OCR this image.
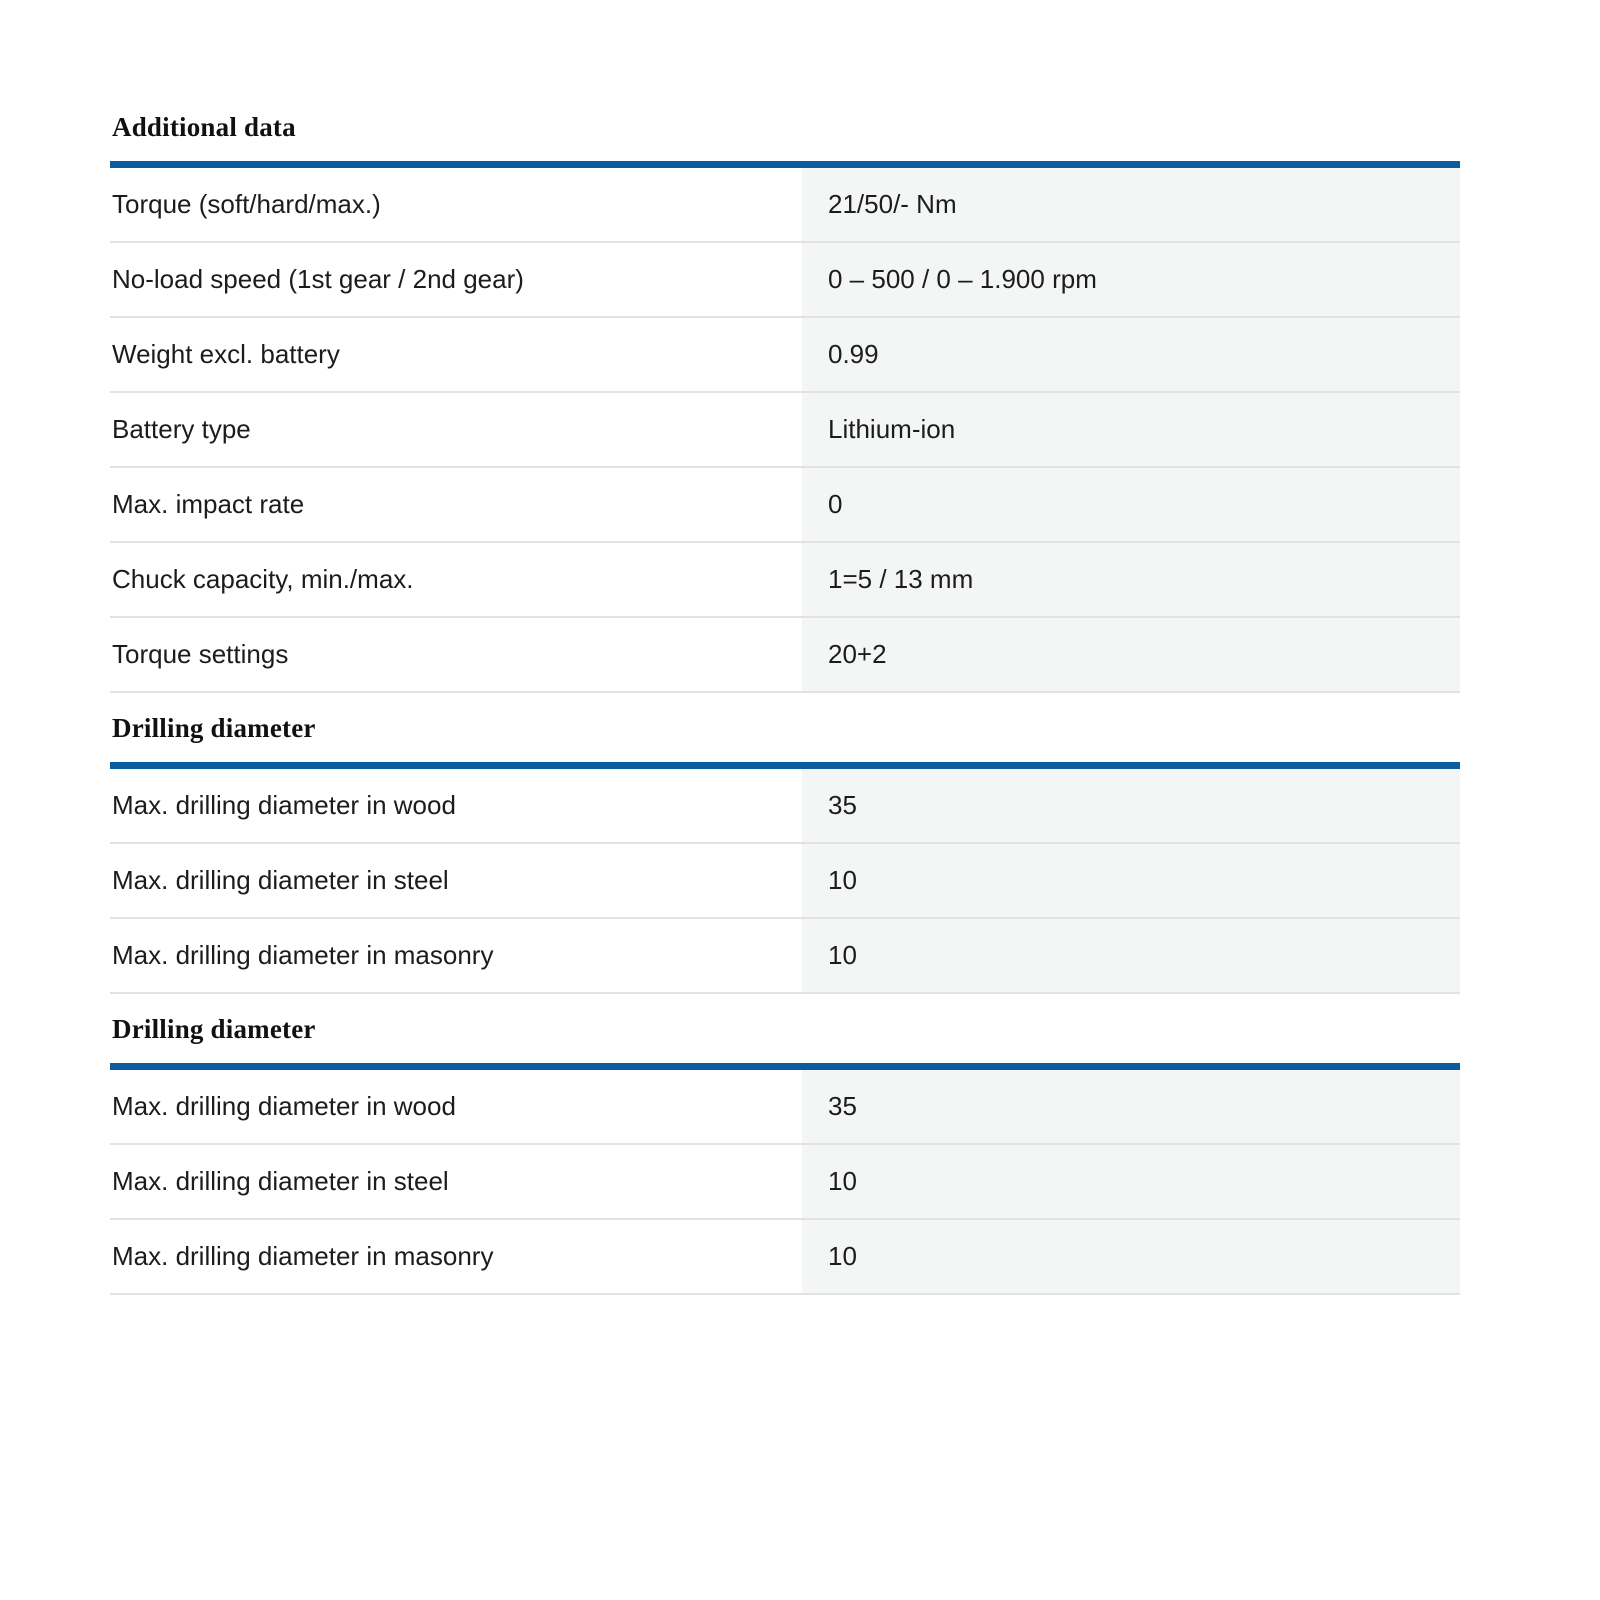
Additional data
Torque (soft/hard/max.)	21/50/- Nm
No-load speed (1st gear / 2nd gear)	0 – 500 / 0 – 1.900 rpm
Weight excl. battery	0.99
Battery type	Lithium-ion
Max. impact rate	0
Chuck capacity, min./max.	1=5 / 13 mm
Torque settings	20+2
Drilling diameter
Max. drilling diameter in wood	35
Max. drilling diameter in steel	10
Max. drilling diameter in masonry	10
Drilling diameter
Max. drilling diameter in wood	35
Max. drilling diameter in steel	10
Max. drilling diameter in masonry	10
